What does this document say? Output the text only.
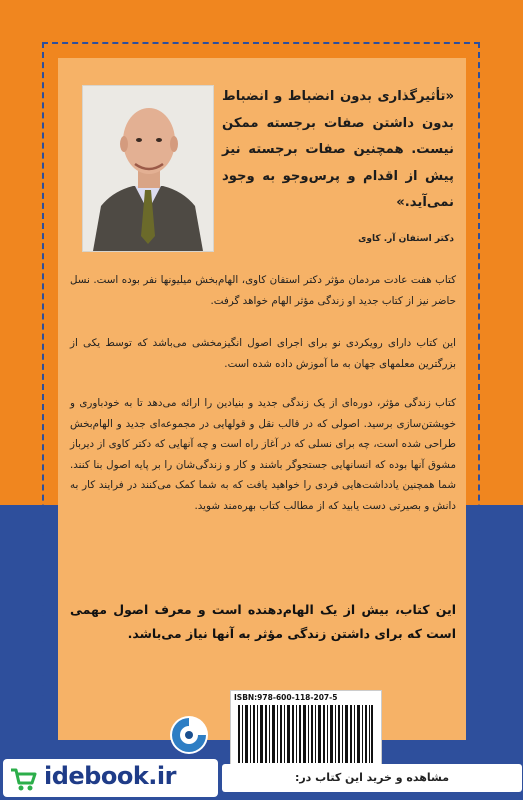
«تأثیرگذاری بدون انضباط و انضباط بدون داشتن صفات برجسته ممکن نیست. همچنین صفات برجسته نیز پیش از اقدام و پرس‌وجو به وجود نمی‌آید.»
دکتر استفان آر. کاوی
کتاب هفت عادت مردمان مؤثر دکتر استفان کاوی، الهام‌بخش میلیونها نفر بوده است. نسل حاضر نیز از کتاب جدید او زندگی مؤثر الهام خواهد گرفت.
این کتاب دارای رویکردی نو برای اجرای اصول انگیزمخشی می‌باشد که توسط یکی از بزرگترین معلمهای جهان به ما آموزش داده شده است.
کتاب زندگی مؤثر، دوره‌ای از یک زندگی جدید و بنیادین را ارائه می‌دهد تا به خودباوری و خویشتن‌سازی برسید. اصولی که در قالب نقل و قولهایی در مجموعه‌ای جدید و الهام‌بخش طراحی شده است، چه برای نسلی که در آغاز راه است و چه آنهایی که دکتر کاوی از دیرباز مشوق آنها بوده که انسانهایی جستجوگر باشند و کار و زندگی‌شان را بر پایه اصول بنا کنند. شما همچنین یادداشت‌هایی فردی را خواهید یافت که به شما کمک می‌کنند در فرایند کار به دانش و بصیرتی دست یابید که از مطالب کتاب بهره‌مند شوید.
این کتاب، بیش از یک الهام‌دهنده است و معرف اصول مهمی است که برای داشتن زندگی مؤثر به آنها نیاز می‌باشد.
ISBN:978-600-118-207-5
idebook.ir	مشاهده و خرید این کتاب در:
